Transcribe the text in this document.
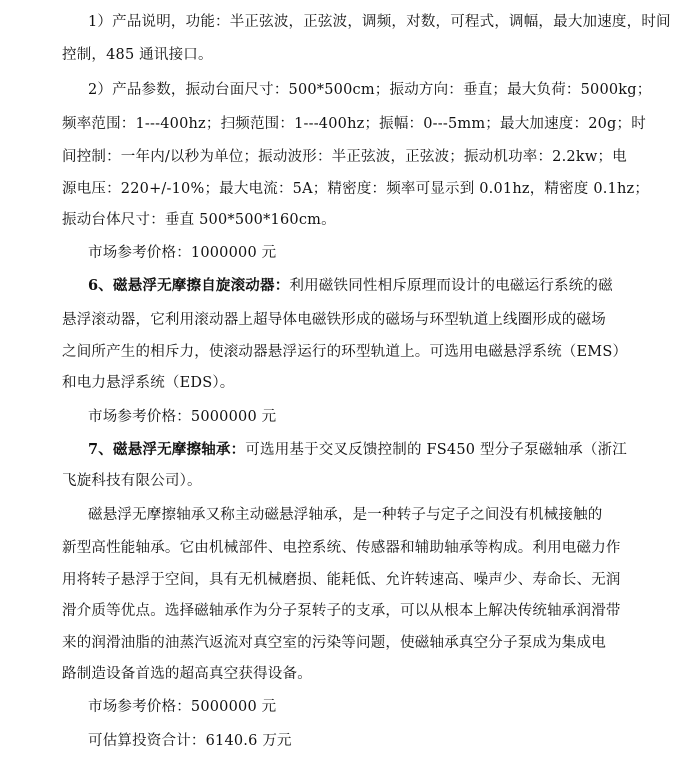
1）产品说明，功能：半正弦波，正弦波，调频，对数，可程式，调幅，最大加速度，时间
控制，485 通讯接口。
2）产品参数，振动台面尺寸：500*500cm；振动方向：垂直；最大负荷：5000kg；
频率范围：1---400hz；扫频范围：1---400hz；振幅：0---5mm；最大加速度：20g；时
间控制：一年内/以秒为单位；振动波形：半正弦波，正弦波；振动机功率：2.2kw；电
源电压：220+/-10%；最大电流：5A；精密度：频率可显示到 0.01hz，精密度 0.1hz；
振动台体尺寸：垂直 500*500*160cm。
市场参考价格：1000000 元
6、磁悬浮无摩擦自旋滚动器：利用磁铁同性相斥原理而设计的电磁运行系统的磁
悬浮滚动器，它利用滚动器上超导体电磁铁形成的磁场与环型轨道上线圈形成的磁场
之间所产生的相斥力，使滚动器悬浮运行的环型轨道上。可选用电磁悬浮系统（EMS）
和电力悬浮系统（EDS）。
市场参考价格：5000000 元
7、磁悬浮无摩擦轴承：可选用基于交叉反馈控制的 FS450 型分子泵磁轴承（浙江
飞旋科技有限公司）。
磁悬浮无摩擦轴承又称主动磁悬浮轴承，是一种转子与定子之间没有机械接触的
新型高性能轴承。它由机械部件、电控系统、传感器和辅助轴承等构成。利用电磁力作
用将转子悬浮于空间，具有无机械磨损、能耗低、允许转速高、噪声少、寿命长、无润
滑介质等优点。选择磁轴承作为分子泵转子的支承，可以从根本上解决传统轴承润滑带
来的润滑油脂的油蒸汽返流对真空室的污染等问题，使磁轴承真空分子泵成为集成电
路制造设备首选的超高真空获得设备。
市场参考价格：5000000 元
可估算投资合计：6140.6 万元
